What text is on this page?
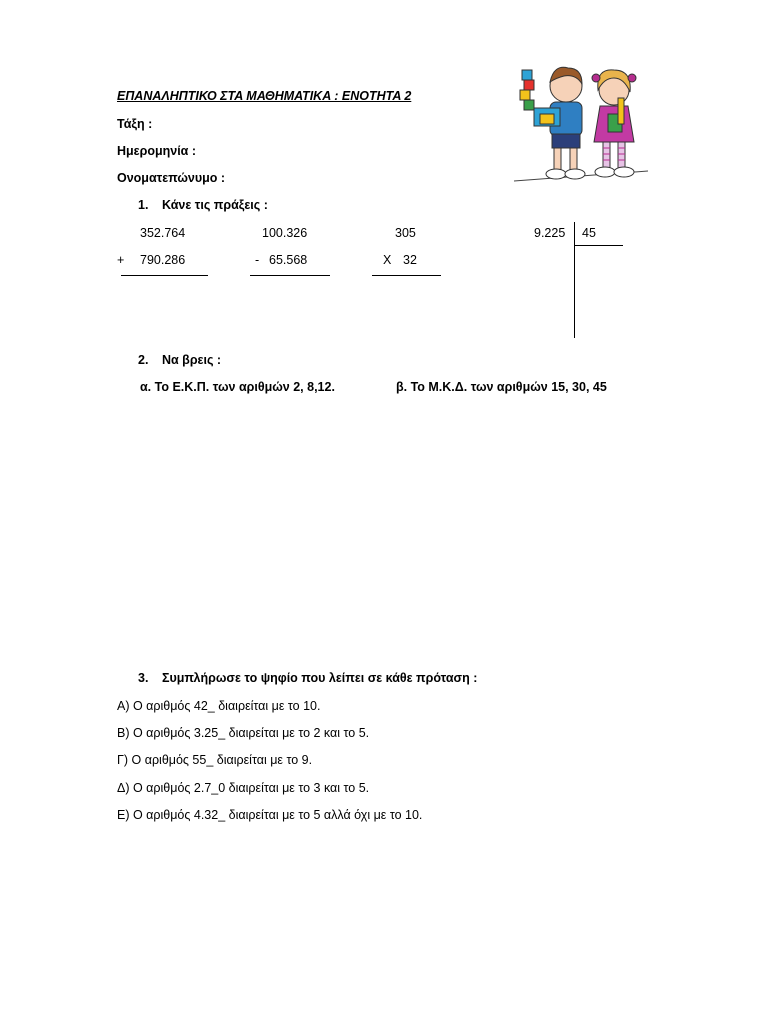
ΕΠΑΝΑΛΗΠΤΙΚΟ ΣΤΑ ΜΑΘΗΜΑΤΙΚΑ : ΕΝΟΤΗΤΑ 2
Τάξη :
Ημερομηνία :
Ονοματεπώνυμο :
1. Κάνε τις πράξεις :
352.764
+ 790.286
100.326
- 65.568
305
X 32
9.225 45
2. Να βρεις :
α. Το Ε.Κ.Π. των αριθμών 2, 8,12.	β. Το Μ.Κ.Δ. των αριθμών 15, 30, 45
3. Συμπλήρωσε το ψηφίο που λείπει σε κάθε πρόταση :
Α) Ο αριθμός 42_ διαιρείται με το 10.
Β) Ο αριθμός 3.25_ διαιρείται με το 2 και το 5.
Γ) Ο αριθμός 55_ διαιρείται με το 9.
Δ) Ο αριθμός 2.7_0 διαιρείται με το 3 και το 5.
Ε) Ο αριθμός 4.32_ διαιρείται με το 5 αλλά όχι με το 10.
